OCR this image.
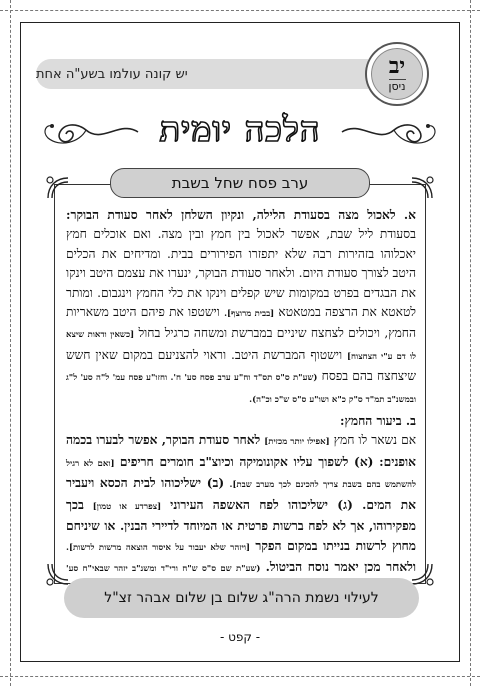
יש קונה עולמו בשע"ה אחת	יב
ניסן
הלכה יומית
ערב פסח שחל בשבת

א. לאכול מצה בסעודת הלילה, ונקיון השלחן לאחר סעודת הבוקר: בסעודת ליל שבת, אפשר לאכול בין חמץ ובין מצה. ואם אוכלים חמץ יאכלוהו בזהירות רבה שלא יתפזרו הפירורים בבית. ומדיחים את הכלים היטב לצורך סעודת היום. ולאחר סעודת הבוקר, ינערו את עצמם היטב וינקו את הבגדים בפרט במקומות שיש קפלים וינקו את כלי החמץ וינגבום. ומותר לטאטא את הרצפה במטאטא [בבית מרוצף]. וישטפו את פיהם היטב משאריות החמץ, ויכולים לצחצח שיניים במברשת ומשחה כרגיל בחול [כשאין ודאות שיצא לו דם ע"י הצחצוח] וישטוף המברשת היטב. וראוי להצניעם במקום שאין חשש שיצחצח בהם בפסח (שע"ת ס"ס תס"ד וח"ע ערב פסח סע' ח'. וחזו"ע פסח עמ' ל"ה סע' ל"ג ובמשנ"ב תמ"ד ס"ק כ"א ושו"ע ס"ס ש"כ וכ"ה).

ב. ביעור החמץ:

אם נשאר לו חמץ [אפילו יותר מכזית] לאחר סעודת הבוקר, אפשר לבערו בכמה אופנים: (א) לשפוך עליו אקונומיקה וכיוצ"ב חומרים חריפים [ואם לא רגיל להשתמש בהם בשבת צריך להכינם לכך מערב שבת]. (ב) ישליכוהו לבית הכסא ויעביר את המים. (ג) ישליכוהו לפח האשפה העירוני [צפרדע או טמון] בכך מפקירוהו, אך לא לפח ברשות פרטית או המיוחד לדיירי הבנין. או שיניחם מחוץ לרשות בנייתו במקום הפקר [ויזהר שלא יעבור על איסור הוצאה מרשות לרשות]. ולאחר מכן יאמר נוסח הביטול. (שע"ת שם ס"ס ש"ח ורי"ד ומשנ"ב יזהר שבאי"ח סע'

לעילוי נשמת הרה"ג שלום בן שלום אבהר זצ"ל
- קפט -
